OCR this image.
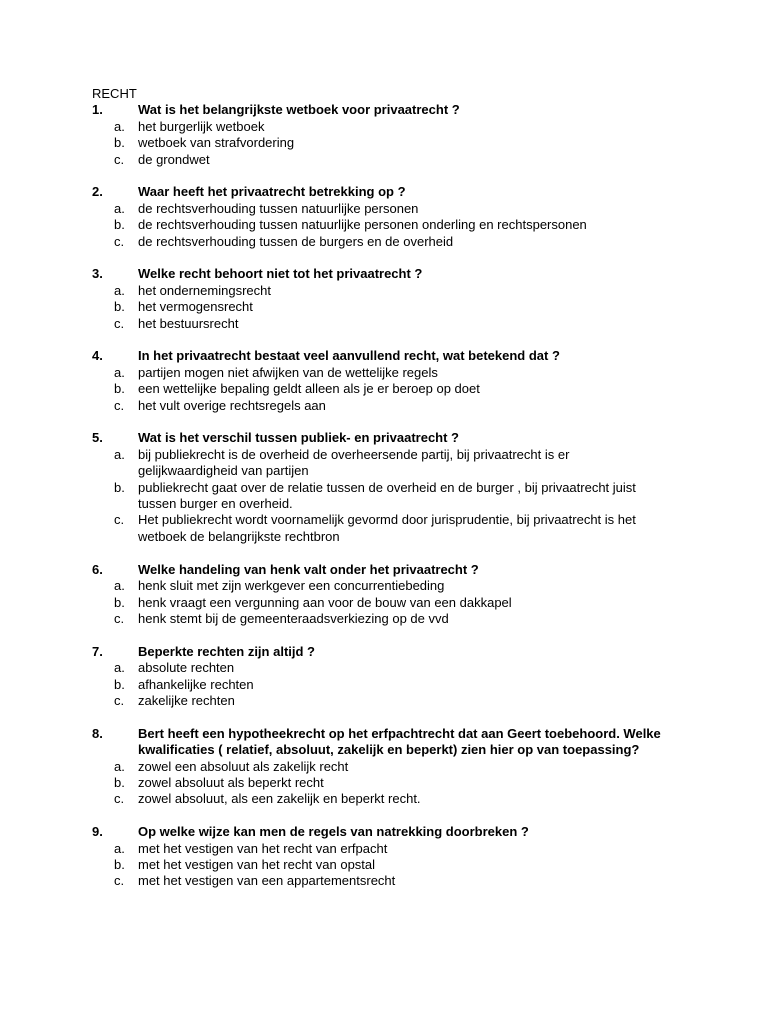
RECHT
1.	Wat is het belangrijkste wetboek voor privaatrecht ?
a.	het burgerlijk wetboek
b.	wetboek van strafvordering
c.	de grondwet
2.	Waar heeft het privaatrecht betrekking op ?
a.	de rechtsverhouding tussen natuurlijke personen
b.	de rechtsverhouding tussen natuurlijke personen onderling en rechtspersonen
c.	de rechtsverhouding tussen de burgers en de overheid
3.	Welke recht behoort niet tot het privaatrecht ?
a.	het ondernemingsrecht
b.	het vermogensrecht
c.	het bestuursrecht
4.	In het privaatrecht bestaat veel aanvullend recht, wat betekend dat ?
a.	partijen mogen niet afwijken van de wettelijke regels
b.	een wettelijke bepaling geldt alleen als je er beroep op doet
c.	het vult overige rechtsregels aan
5.	Wat is het verschil tussen publiek- en privaatrecht ?
a.	bij publiekrecht is de overheid de overheersende partij, bij privaatrecht is er gelijkwaardigheid van partijen
b.	publiekrecht gaat over de relatie tussen de overheid en de burger , bij privaatrecht juist tussen burger en overheid.
c.	Het publiekrecht wordt voornamelijk gevormd door jurisprudentie, bij privaatrecht is het wetboek de belangrijkste rechtbron
6.	Welke handeling van henk valt onder het privaatrecht ?
a.	henk sluit met zijn werkgever een concurrentiebeding
b.	henk vraagt een vergunning aan voor de bouw van een dakkapel
c.	henk stemt bij de gemeenteraadsverkiezing op de vvd
7.	Beperkte rechten zijn altijd ?
a.	absolute rechten
b.	afhankelijke rechten
c.	zakelijke rechten
8.	Bert heeft een hypotheekrecht op het erfpachtrecht dat aan Geert toebehoord. Welke kwalificaties ( relatief, absoluut, zakelijk en beperkt) zien hier op van toepassing?
a.	zowel een absoluut als zakelijk recht
b.	zowel absoluut als beperkt recht
c.	zowel absoluut, als een zakelijk en beperkt recht.
9.	Op welke wijze kan men de regels van natrekking doorbreken ?
a.	met het vestigen van het recht van erfpacht
b.	met het vestigen van het recht van opstal
c.	met het vestigen van een appartementsrecht
